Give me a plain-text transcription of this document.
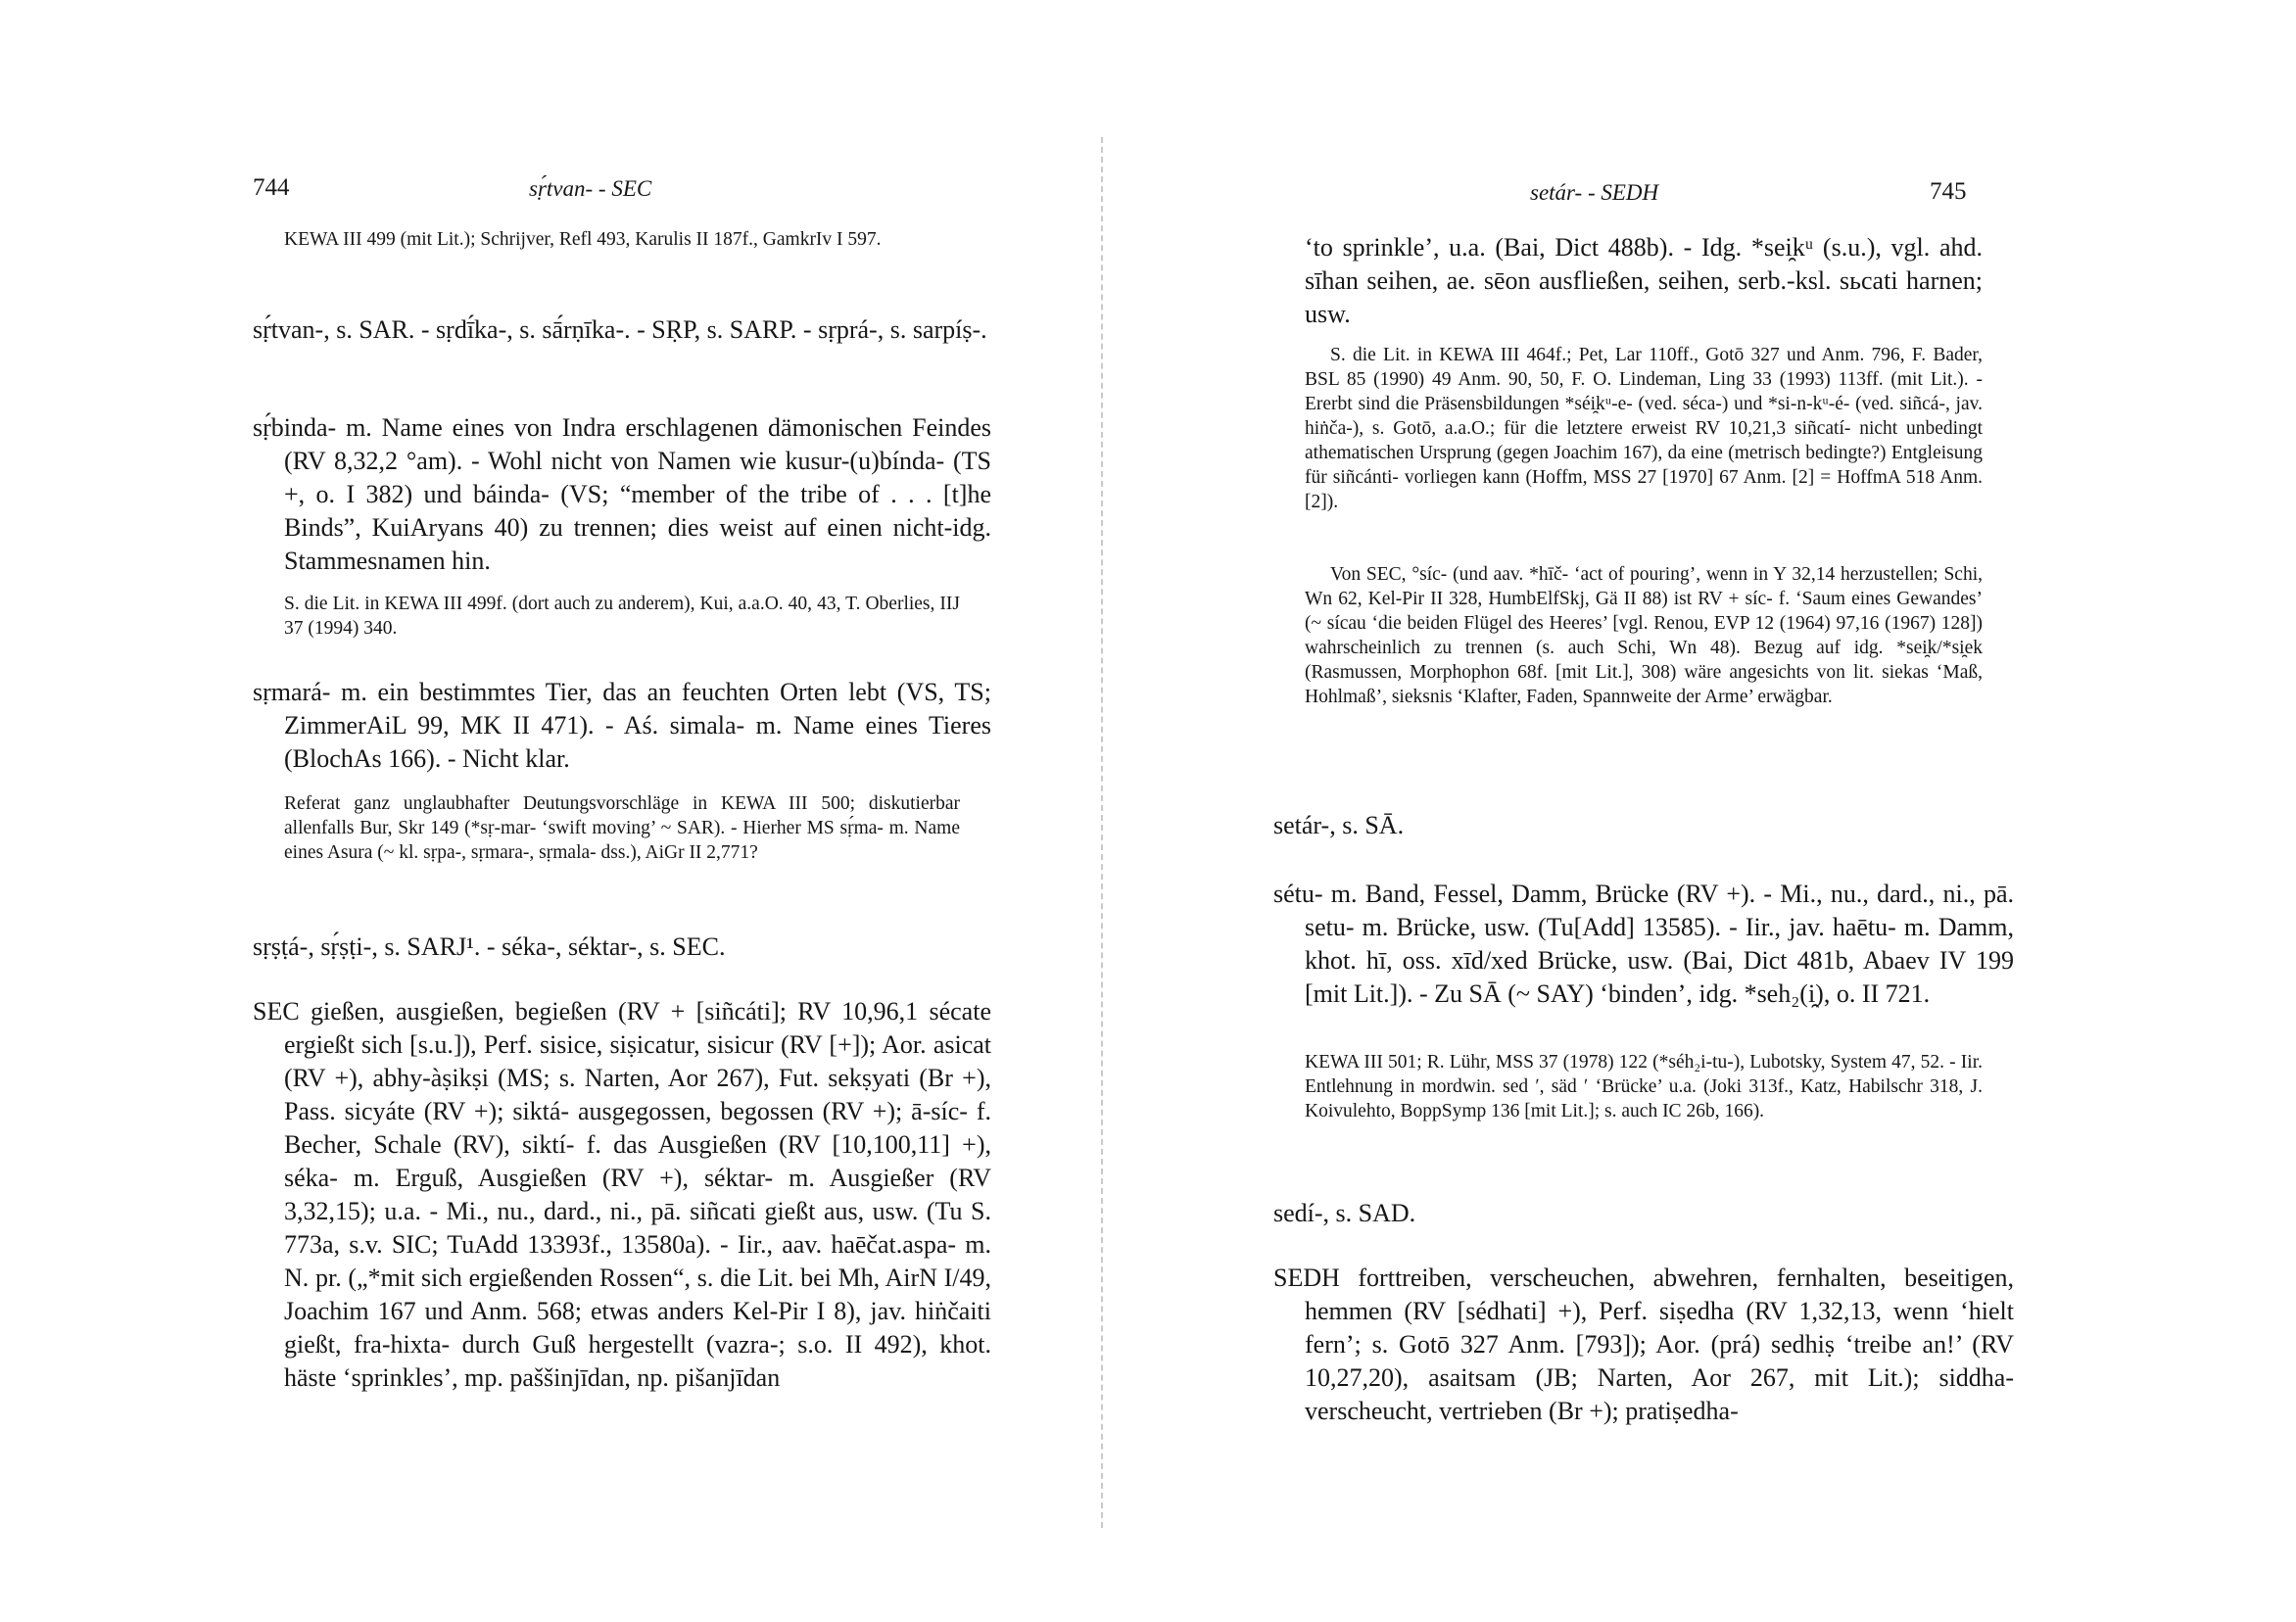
744	sṛ́tvan- - SEC
KEWA III 499 (mit Lit.); Schrijver, Refl 493, Karulis II 187f., GamkrIv I 597.
sṛ́tvan-, s. SAR. - sṛdī́ka-, s. sā́rṇīka-. - SṚP, s. SARP. - sṛprá-, s. sarpíṣ-.
sṛ́binda- m. Name eines von Indra erschlagenen dämonischen Feindes (RV 8,32,2 °am). - Wohl nicht von Namen wie kusur-(u)bínda- (TS +, o. I 382) und báinda- (VS; “member of the tribe of . . . [t]he Binds”, KuiAryans 40) zu trennen; dies weist auf einen nicht-idg. Stammesnamen hin.
S. die Lit. in KEWA III 499f. (dort auch zu anderem), Kui, a.a.O. 40, 43, T. Oberlies, IIJ 37 (1994) 340.
sṛmará- m. ein bestimmtes Tier, das an feuchten Orten lebt (VS, TS; ZimmerAiL 99, MK II 471). - Aś. simala- m. Name eines Tieres (BlochAs 166). - Nicht klar.
Referat ganz unglaubhafter Deutungsvorschläge in KEWA III 500; diskutierbar allenfalls Bur, Skr 149 (*sṛ-mar- ‘swift moving’ ~ SAR). - Hierher MS sṛ́ma- m. Name eines Asura (~ kl. sṛpa-, sṛmara-, sṛmala- dss.), AiGr II 2,771?
sṛṣṭá-, sṛ́ṣṭi-, s. SARJ¹. - séka-, séktar-, s. SEC.
SEC gießen, ausgießen, begießen (RV + [siñcáti]; RV 10,96,1 sécate ergießt sich [s.u.]), Perf. sisice, siṣicatur, sisicur (RV [+]); Aor. asicat (RV +), abhy-àṣikṣi (MS; s. Narten, Aor 267), Fut. sekṣyati (Br +), Pass. sicyáte (RV +); siktá- ausgegossen, begossen (RV +); ā-síc- f. Becher, Schale (RV), siktí- f. das Ausgießen (RV [10,100,11] +), séka- m. Erguß, Ausgießen (RV +), séktar- m. Ausgießer (RV 3,32,15); u.a. - Mi., nu., dard., ni., pā. siñcati gießt aus, usw. (Tu S. 773a, s.v. SIC; TuAdd 13393f., 13580a). - Iir., aav. haēčat.aspa- m. N. pr. („*mit sich ergießenden Rossen“, s. die Lit. bei Mh, AirN I/49, Joachim 167 und Anm. 568; etwas anders Kel-Pir I 8), jav. hiṅčaiti gießt, fra-hixta- durch Guß hergestellt (vazra-; s.o. II 492), khot. häste ‘sprinkles’, mp. paššinjīdan, np. pišanjīdan
setár- - SEDH	745
‘to sprinkle’, u.a. (Bai, Dict 488b). - Idg. *sei̯kᵘ (s.u.), vgl. ahd. sīhan seihen, ae. sēon ausfließen, seihen, serb.-ksl. sьcati harnen; usw.
S. die Lit. in KEWA III 464f.; Pet, Lar 110ff., Gotō 327 und Anm. 796, F. Bader, BSL 85 (1990) 49 Anm. 90, 50, F. O. Lindeman, Ling 33 (1993) 113ff. (mit Lit.). - Ererbt sind die Präsensbildungen *séi̯kᵘ-e- (ved. séca-) und *si-n-kᵘ-é- (ved. siñcá-, jav. hiṅča-), s. Gotō, a.a.O.; für die letztere erweist RV 10,21,3 siñcatí- nicht unbedingt athematischen Ursprung (gegen Joachim 167), da eine (metrisch bedingte?) Entgleisung für siñcánti- vorliegen kann (Hoffm, MSS 27 [1970] 67 Anm. [2] = HoffmA 518 Anm. [2]).
Von SEC, °síc- (und aav. *hīč- ‘act of pouring’, wenn in Y 32,14 herzustellen; Schi, Wn 62, Kel-Pir II 328, HumbElfSkj, Gä II 88) ist RV + síc- f. ‘Saum eines Gewandes’ (~ sícau ‘die beiden Flügel des Heeres’ [vgl. Renou, EVP 12 (1964) 97,16 (1967) 128]) wahrscheinlich zu trennen (s. auch Schi, Wn 48). Bezug auf idg. *sei̯k/*si̯ek (Rasmussen, Morphophon 68f. [mit Lit.], 308) wäre angesichts von lit. siekas ‘Maß, Hohlmaß’, sieksnis ‘Klafter, Faden, Spannweite der Arme’ erwägbar.
setár-, s. SĀ.
sétu- m. Band, Fessel, Damm, Brücke (RV +). - Mi., nu., dard., ni., pā. setu- m. Brücke, usw. (Tu[Add] 13585). - Iir., jav. haētu- m. Damm, khot. hī, oss. xīd/xed Brücke, usw. (Bai, Dict 481b, Abaev IV 199 [mit Lit.]). - Zu SĀ (~ SAY) ‘binden’, idg. *seh₂(i̯), o. II 721.
KEWA III 501; R. Lühr, MSS 37 (1978) 122 (*séh₂i-tu-), Lubotsky, System 47, 52. - Iir. Entlehnung in mordwin. sed ʹ, säd ʹ ‘Brücke’ u.a. (Joki 313f., Katz, Habilschr 318, J. Koivulehto, BoppSymp 136 [mit Lit.]; s. auch IC 26b, 166).
sedí-, s. SAD.
SEDH forttreiben, verscheuchen, abwehren, fernhalten, beseitigen, hemmen (RV [sédhati] +), Perf. siṣedha (RV 1,32,13, wenn ‘hielt fern’; s. Gotō 327 Anm. [793]); Aor. (prá) sedhiṣ ‘treibe an!’ (RV 10,27,20), asaitsam (JB; Narten, Aor 267, mit Lit.); siddha- verscheucht, vertrieben (Br +); pratiṣedha-
